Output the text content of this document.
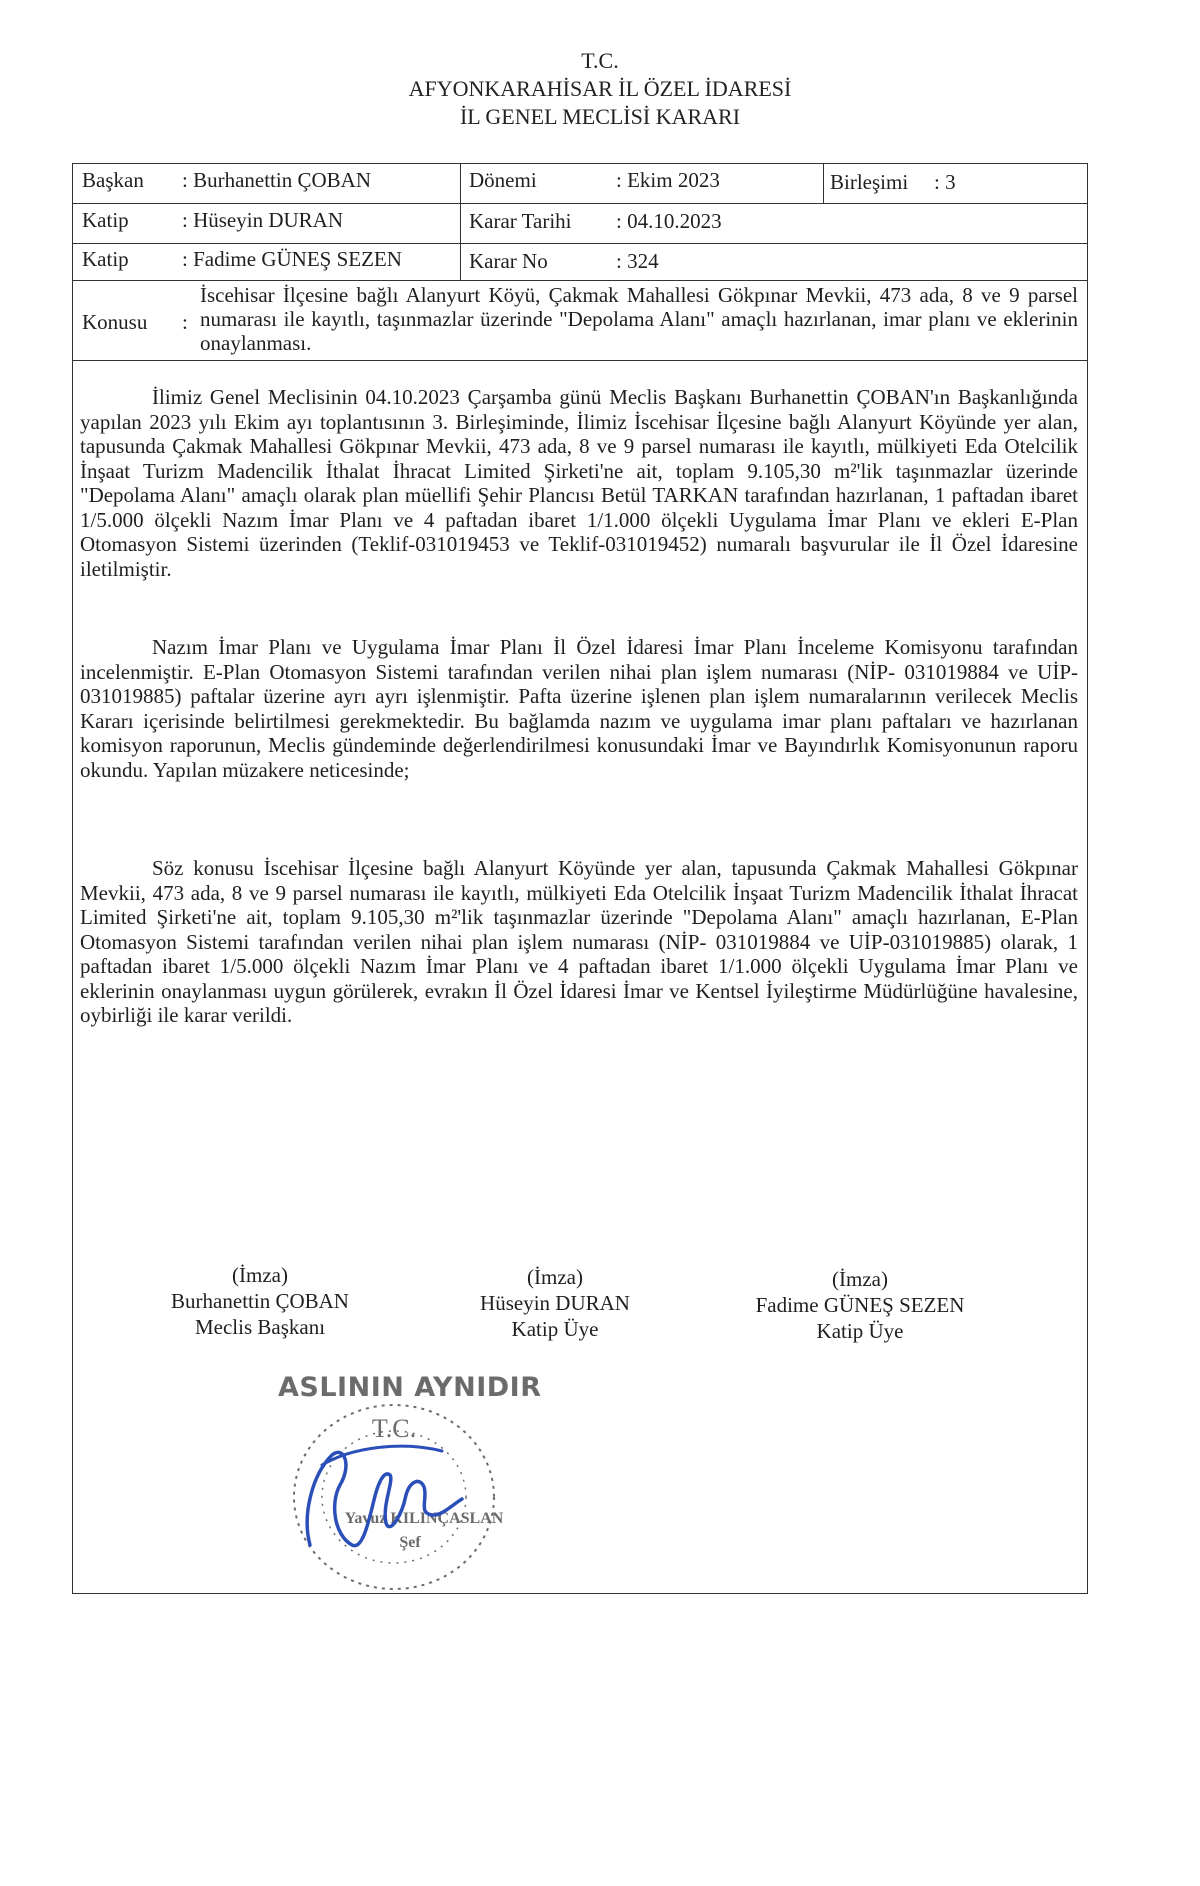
T.C.
AFYONKARAHİSAR İL ÖZEL İDARESİ
İL GENEL MECLİSİ KARARI
Başkan : Burhanettin ÇOBAN	Dönemi	: Ekim 2023	Birleşimi : 3
Katip	: Hüseyin DURAN	Karar Tarihi : 04.10.2023
Katip	: Fadime GÜNEŞ SEZEN	Karar No	: 324
Konusu :
İscehisar İlçesine bağlı Alanyurt Köyü, Çakmak Mahallesi Gökpınar Mevkii, 473 ada, 8 ve 9 parsel numarası ile kayıtlı, taşınmazlar üzerinde "Depolama Alanı" amaçlı hazırlanan, imar planı ve eklerinin onaylanması.

İlimiz Genel Meclisinin 04.10.2023 Çarşamba günü Meclis Başkanı Burhanettin ÇOBAN'ın Başkanlığında yapılan 2023 yılı Ekim ayı toplantısının 3. Birleşiminde, İlimiz İscehisar İlçesine bağlı Alanyurt Köyünde yer alan, tapusunda Çakmak Mahallesi Gökpınar Mevkii, 473 ada, 8 ve 9 parsel numarası ile kayıtlı, mülkiyeti Eda Otelcilik İnşaat Turizm Madencilik İthalat İhracat Limited Şirketi'ne ait, toplam 9.105,30 m²'lik taşınmazlar üzerinde "Depolama Alanı" amaçlı olarak plan müellifi Şehir Plancısı Betül TARKAN tarafından hazırlanan, 1 paftadan ibaret 1/5.000 ölçekli Nazım İmar Planı ve 4 paftadan ibaret 1/1.000 ölçekli Uygulama İmar Planı ve ekleri E-Plan Otomasyon Sistemi üzerinden (Teklif-031019453 ve Teklif-031019452) numaralı başvurular ile İl Özel İdaresine iletilmiştir.

Nazım İmar Planı ve Uygulama İmar Planı İl Özel İdaresi İmar Planı İnceleme Komisyonu tarafından incelenmiştir. E-Plan Otomasyon Sistemi tarafından verilen nihai plan işlem numarası (NİP- 031019884 ve UİP-031019885) paftalar üzerine ayrı ayrı işlenmiştir. Pafta üzerine işlenen plan işlem numaralarının verilecek Meclis Kararı içerisinde belirtilmesi gerekmektedir. Bu bağlamda nazım ve uygulama imar planı paftaları ve hazırlanan komisyon raporunun, Meclis gündeminde değerlendirilmesi konusundaki İmar ve Bayındırlık Komisyonunun raporu okundu. Yapılan müzakere neticesinde;

Söz konusu İscehisar İlçesine bağlı Alanyurt Köyünde yer alan, tapusunda Çakmak Mahallesi Gökpınar Mevkii, 473 ada, 8 ve 9 parsel numarası ile kayıtlı, mülkiyeti Eda Otelcilik İnşaat Turizm Madencilik İthalat İhracat Limited Şirketi'ne ait, toplam 9.105,30 m²'lik taşınmazlar üzerinde "Depolama Alanı" amaçlı hazırlanan, E-Plan Otomasyon Sistemi tarafından verilen nihai plan işlem numarası (NİP- 031019884 ve UİP-031019885) olarak, 1 paftadan ibaret 1/5.000 ölçekli Nazım İmar Planı ve 4 paftadan ibaret 1/1.000 ölçekli Uygulama İmar Planı ve eklerinin onaylanması uygun görülerek, evrakın İl Özel İdaresi İmar ve Kentsel İyileştirme Müdürlüğüne havalesine, oybirliği ile karar verildi.

(İmza)
Burhanettin ÇOBAN
Meclis Başkanı
(İmza)
Hüseyin DURAN
Katip Üye
(İmza)
Fadime GÜNEŞ SEZEN
Katip Üye
ASLININ AYNIDIR
T.C.
Yavuz KILINÇASLAN
Şef
